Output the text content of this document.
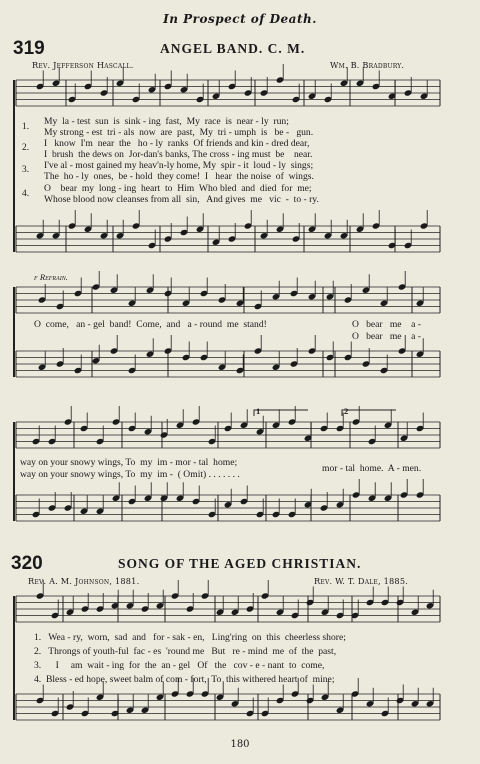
In Prospect of Death.
319	ANGEL BAND. C. M.
Rev. Jefferson Hascall.	Wm. B. Bradbury.
1.
2.
3.
4.
My  la - test  sun  is  sink - ing  fast,  My  race  is  near - ly  run;
My strong - est  tri - als  now  are  past,  My  tri - umph  is   be -   gun.
I   know  I'm  near  the   ho - ly  ranks  Of friends and kin - dred dear,
I  brush  the dews on  Jor-dan's banks, The cross - ing must  be    near.
I've al - most gained my heav'n-ly home, My  spir - it  loud - ly  sings;
The  ho - ly  ones,  be - hold  they come!  I   hear  the noise  of  wings.
O    bear  my  long - ing  heart  to  Him  Who bled  and  died  for  me;
Whose blood now cleanses from all  sin,   And gives  me   vic  -  to - ry.
f Refrain.
O  come,   an - gel  band!  Come,  and   a - round  me  stand!	O   bear   me    a -
O   bear   me    a -
way on your snowy wings, To  my  im - mor - tal  home;
way on your snowy wings, To  my  im -  ( Omit) . . . . . . .
mor - tal  home.  A - men.
1	2
320	SONG OF THE AGED CHRISTIAN.
Rev. A. M. Johnson, 1881.	Rev. W. T. Dale, 1885.
1.   Wea - ry,  worn,  sad  and   for - sak - en,   Ling'ring  on  this  cheerless shore;
2.   Throngs of youth-ful  fac - es  'round me   But   re - mind  me  of  the  past,
3.      I     am  wait - ing  for  the  an - gel   Of   the   cov - e - nant  to  come,
4.  Bless - ed hope, sweet balm of com - fort,  To  this withered heart of  mine;
180
